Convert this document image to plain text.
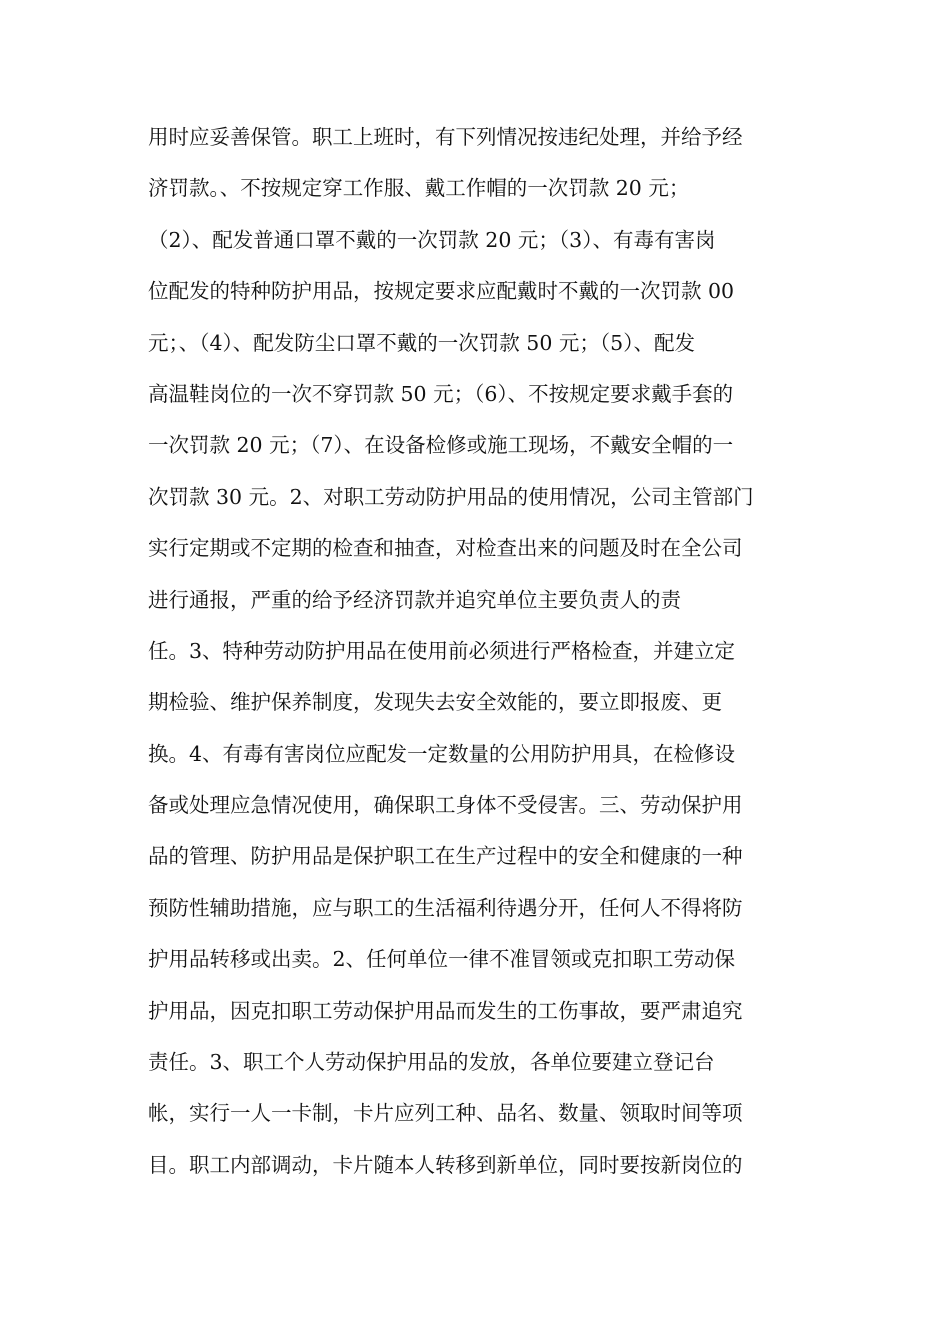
用时应妥善保管。职工上班时，有下列情况按违纪处理，并给予经
济罚款。、不按规定穿工作服、戴工作帽的一次罚款 20 元；
（2）、配发普通口罩不戴的一次罚款 20 元；（3）、有毒有害岗
位配发的特种防护用品，按规定要求应配戴时不戴的一次罚款 00
元；、（4）、配发防尘口罩不戴的一次罚款 50 元；（5）、配发
高温鞋岗位的一次不穿罚款 50 元；（6）、不按规定要求戴手套的
一次罚款 20 元；（7）、在设备检修或施工现场，不戴安全帽的一
次罚款 30 元。2、对职工劳动防护用品的使用情况，公司主管部门
实行定期或不定期的检查和抽查，对检查出来的问题及时在全公司
进行通报，严重的给予经济罚款并追究单位主要负责人的责
任。3、特种劳动防护用品在使用前必须进行严格检查，并建立定
期检验、维护保养制度，发现失去安全效能的，要立即报废、更
换。4、有毒有害岗位应配发一定数量的公用防护用具，在检修设
备或处理应急情况使用，确保职工身体不受侵害。三、劳动保护用
品的管理、防护用品是保护职工在生产过程中的安全和健康的一种
预防性辅助措施，应与职工的生活福利待遇分开，任何人不得将防
护用品转移或出卖。2、任何单位一律不准冒领或克扣职工劳动保
护用品，因克扣职工劳动保护用品而发生的工伤事故，要严肃追究
责任。3、职工个人劳动保护用品的发放，各单位要建立登记台
帐，实行一人一卡制，卡片应列工种、品名、数量、领取时间等项
目。职工内部调动，卡片随本人转移到新单位，同时要按新岗位的
